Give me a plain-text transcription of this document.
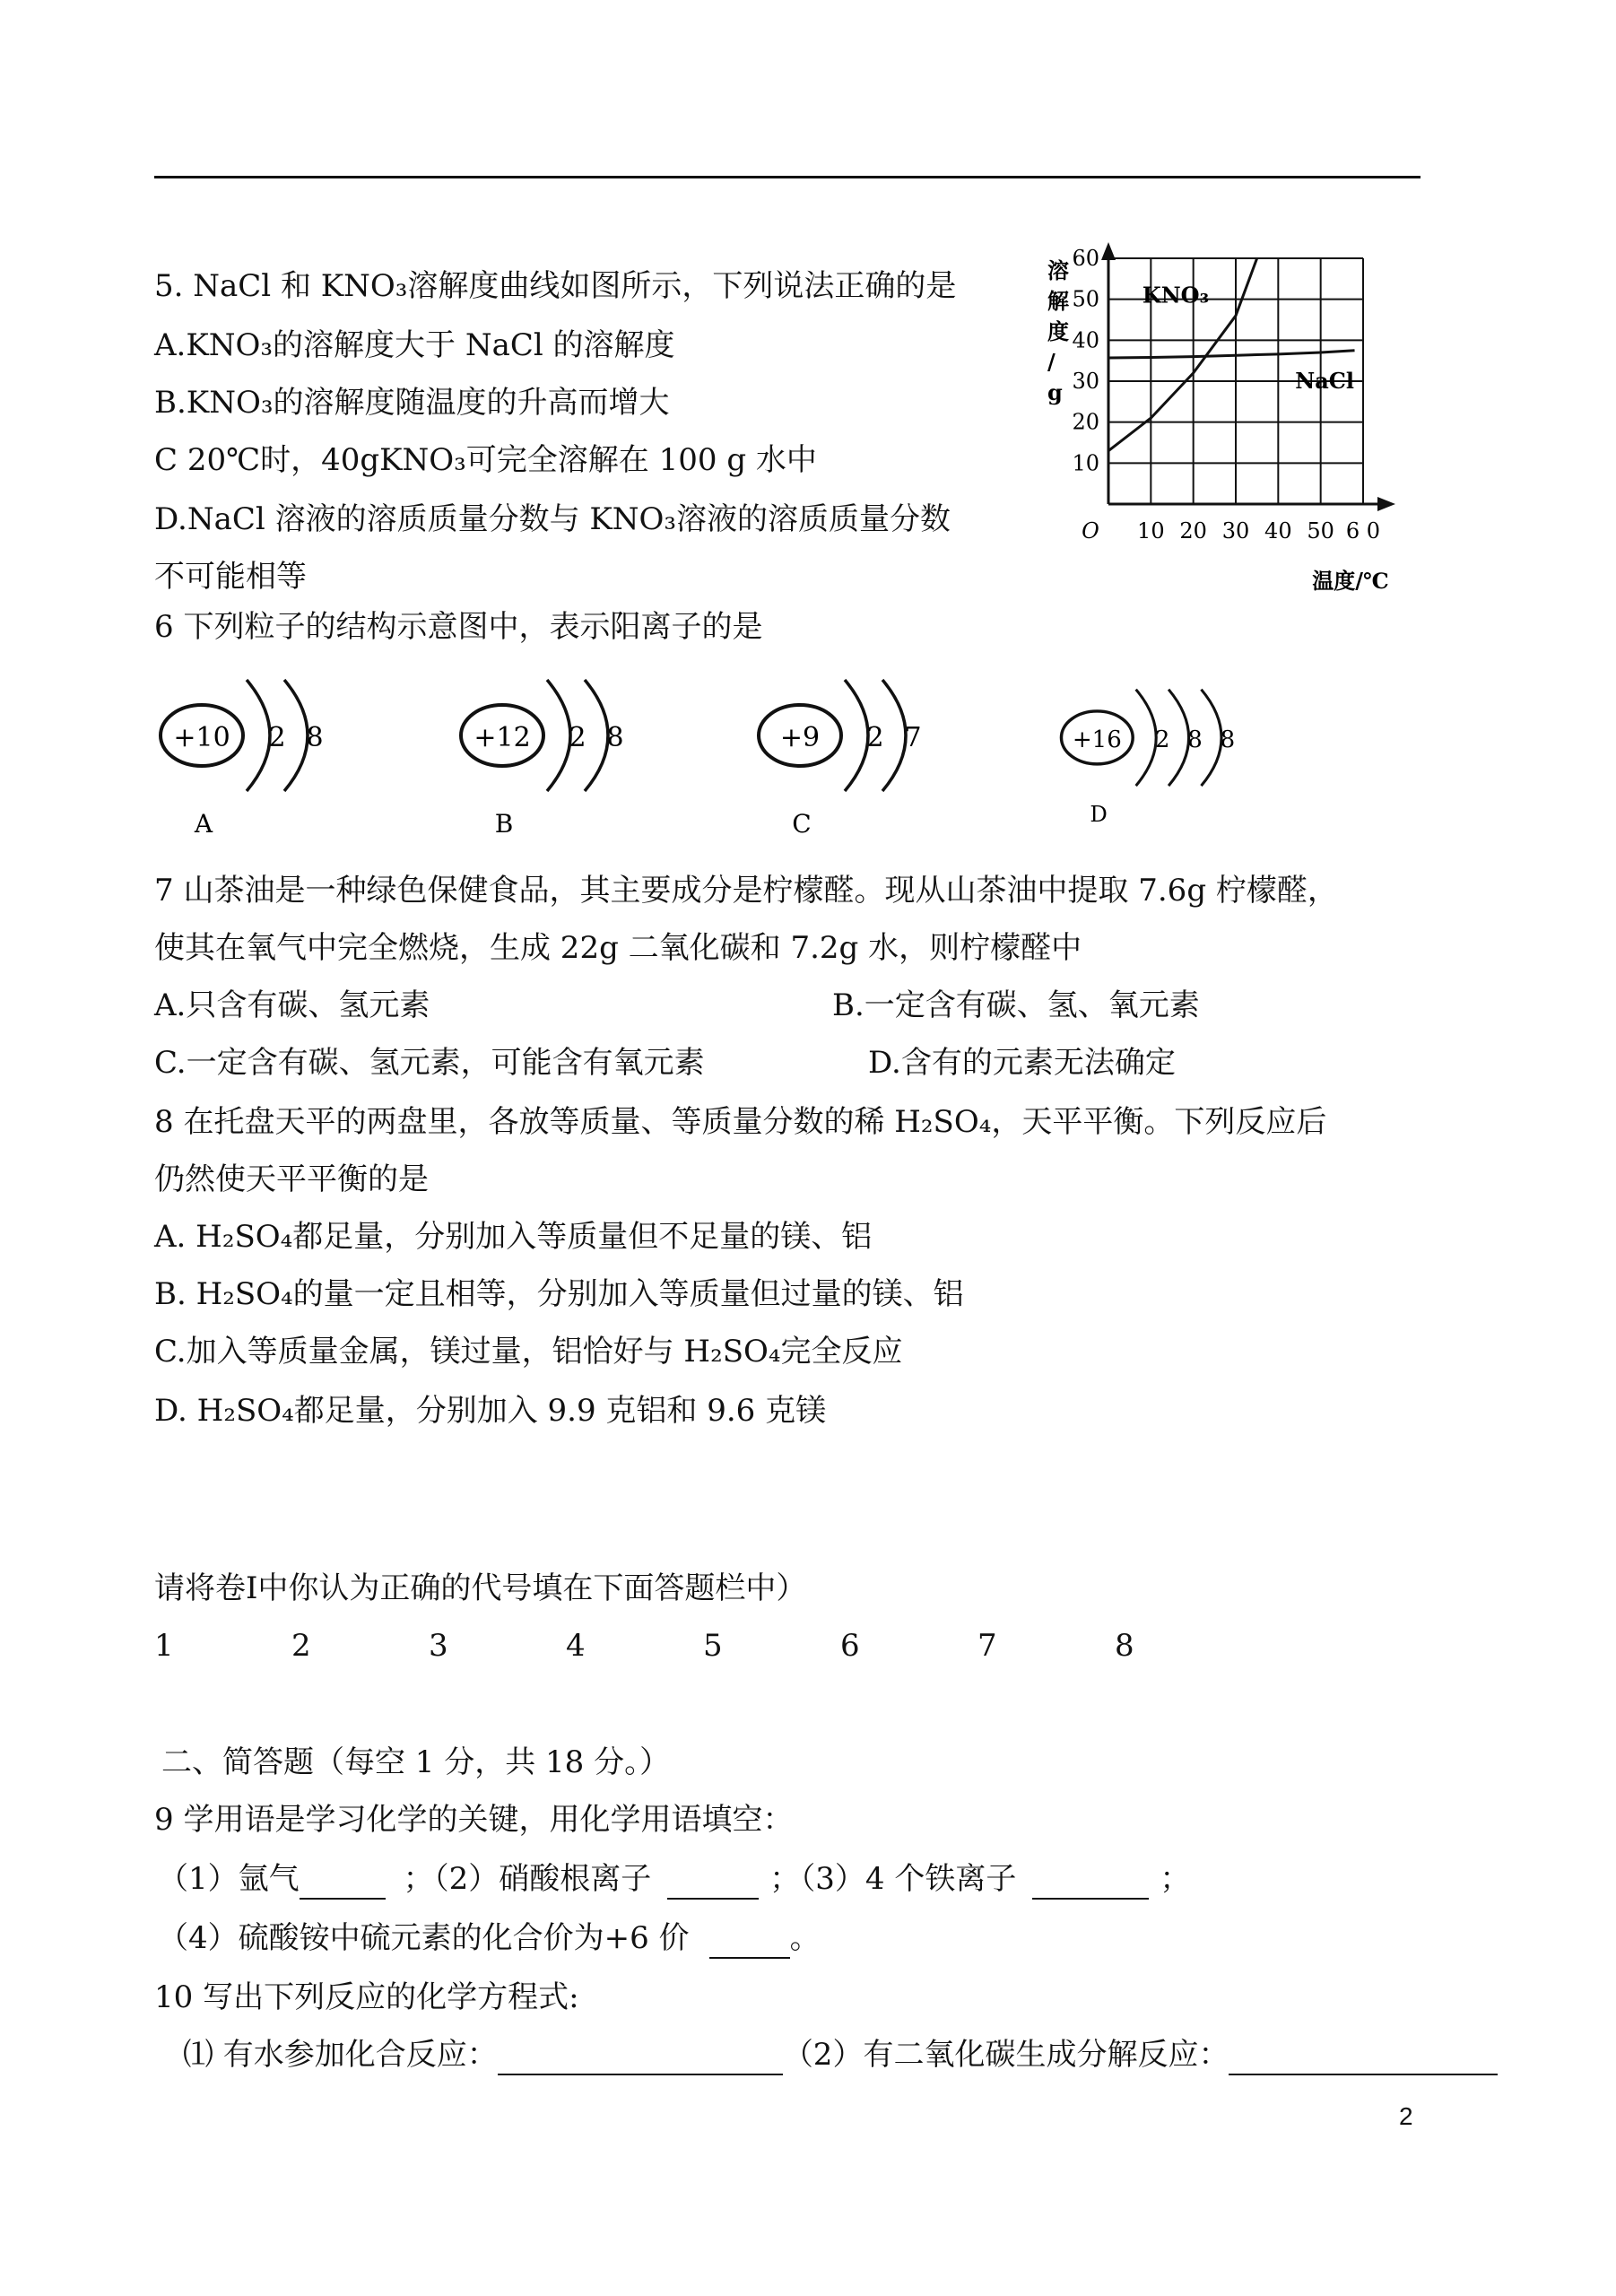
5. NaCl 和 KNO₃溶解度曲线如图所示，下列说法正确的是
A.KNO₃的溶解度大于 NaCl 的溶解度
B.KNO₃的溶解度随温度的升高而增大
C 20℃时，40gKNO₃可完全溶解在 100 g 水中
D.NaCl 溶液的溶质质量分数与 KNO₃溶液的溶质质量分数
不可能相等
10 20 30 40 50 6 0
10
20
30
40
50
60
O
溶
解
度
/
g
温度/℃
KNO₃
NaCl
6 下列粒子的结构示意图中，表示阳离子的是
+10 2 8
A
+12 2 8
B
+9 2 7
C
+16 2 8 8
D
7 山茶油是一种绿色保健食品，其主要成分是柠檬醛。现从山茶油中提取 7.6g 柠檬醛，
使其在氧气中完全燃烧，生成 22g 二氧化碳和 7.2g 水，则柠檬醛中
A.只含有碳、氢元素	B.一定含有碳、氢、氧元素
C.一定含有碳、氢元素，可能含有氧元素	D.含有的元素无法确定
8 在托盘天平的两盘里，各放等质量、等质量分数的稀 H₂SO₄，天平平衡。下列反应后
仍然使天平平衡的是
A. H₂SO₄都足量，分别加入等质量但不足量的镁、铝
B. H₂SO₄的量一定且相等，分别加入等质量但过量的镁、铝
C.加入等质量金属，镁过量，铝恰好与 H₂SO₄完全反应
D. H₂SO₄都足量，分别加入 9.9 克铝和 9.6 克镁
请将卷Ⅰ中你认为正确的代号填在下面答题栏中）
1	2	3	4	5	6	7	8
二、简答题（每空 1 分，共 18 分。）
9 学用语是学习化学的关键，用化学用语填空：
（1）氩气	；（2）硝酸根离子	；（3）4 个铁离子	；
（4）硫酸铵中硫元素的化合价为+6 价	。
10 写出下列反应的化学方程式:
⑴ 有水参加化合反应：	（2）有二氧化碳生成分解反应：
2
